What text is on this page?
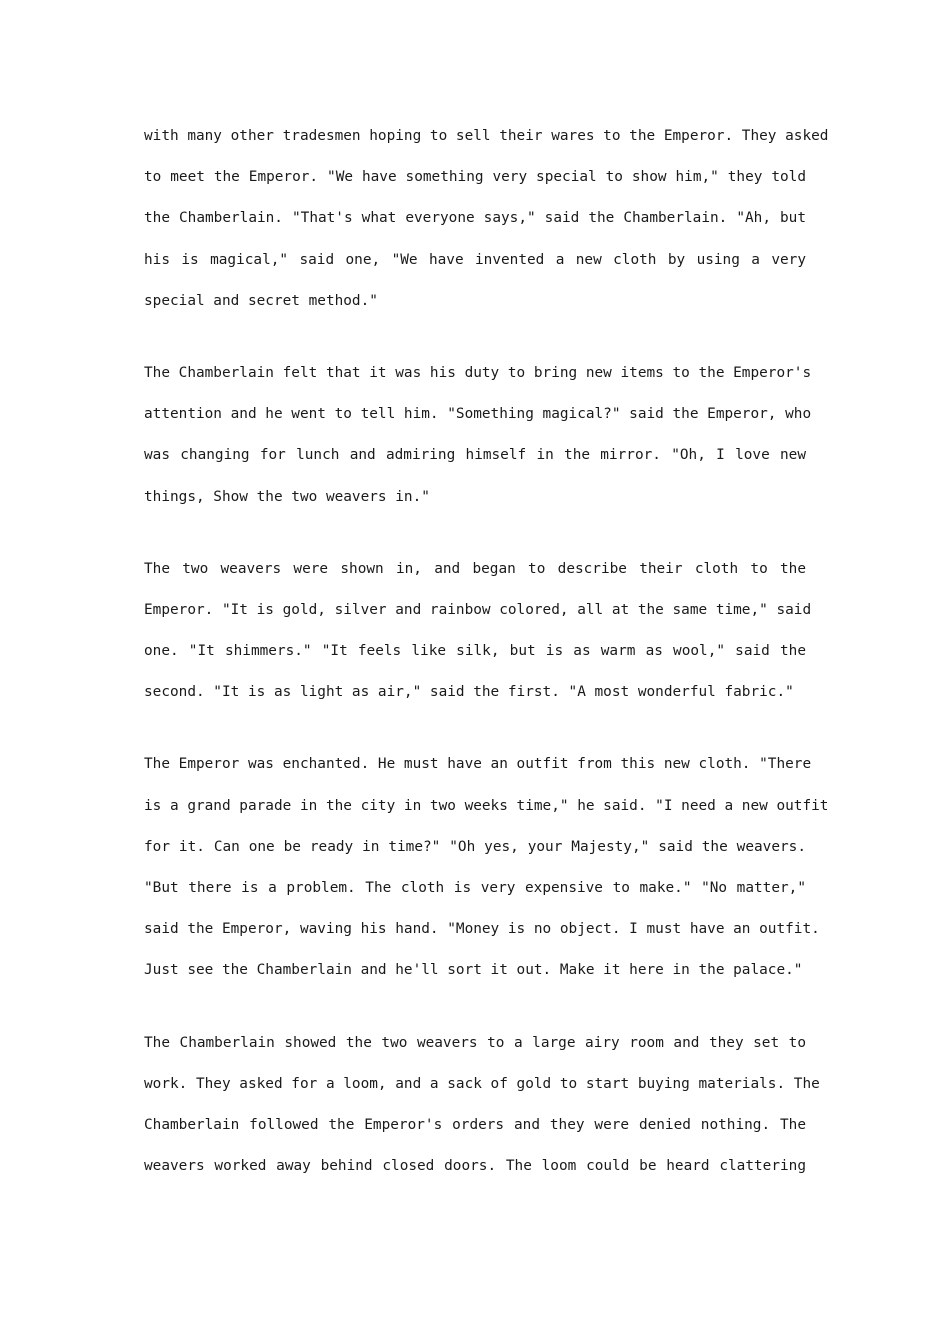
with many other tradesmen hoping to sell their wares to the Emperor. They asked
to meet the Emperor. "We have something very special to show him," they told
the Chamberlain. "That's what everyone says," said the Chamberlain. "Ah, but
his is magical," said one, "We have invented a new cloth by using a very
special and secret method."
The Chamberlain felt that it was his duty to bring new items to the Emperor's
attention and he went to tell him. "Something magical?" said the Emperor, who
was changing for lunch and admiring himself in the mirror. "Oh, I love new
things, Show the two weavers in."
The two weavers were shown in, and began to describe their cloth to the
Emperor. "It is gold, silver and rainbow colored, all at the same time," said
one. "It shimmers." "It feels like silk, but is as warm as wool," said the
second. "It is as light as air," said the first. "A most wonderful fabric."
The Emperor was enchanted. He must have an outfit from this new cloth. "There
is a grand parade in the city in two weeks time," he said. "I need a new outfit
for it. Can one be ready in time?" "Oh yes, your Majesty," said the weavers.
"But there is a problem. The cloth is very expensive to make." "No matter,"
said the Emperor, waving his hand. "Money is no object. I must have an outfit.
Just see the Chamberlain and he'll sort it out. Make it here in the palace."
The Chamberlain showed the two weavers to a large airy room and they set to
work. They asked for a loom, and a sack of gold to start buying materials. The
Chamberlain followed the Emperor's orders and they were denied nothing. The
weavers worked away behind closed doors. The loom could be heard clattering
